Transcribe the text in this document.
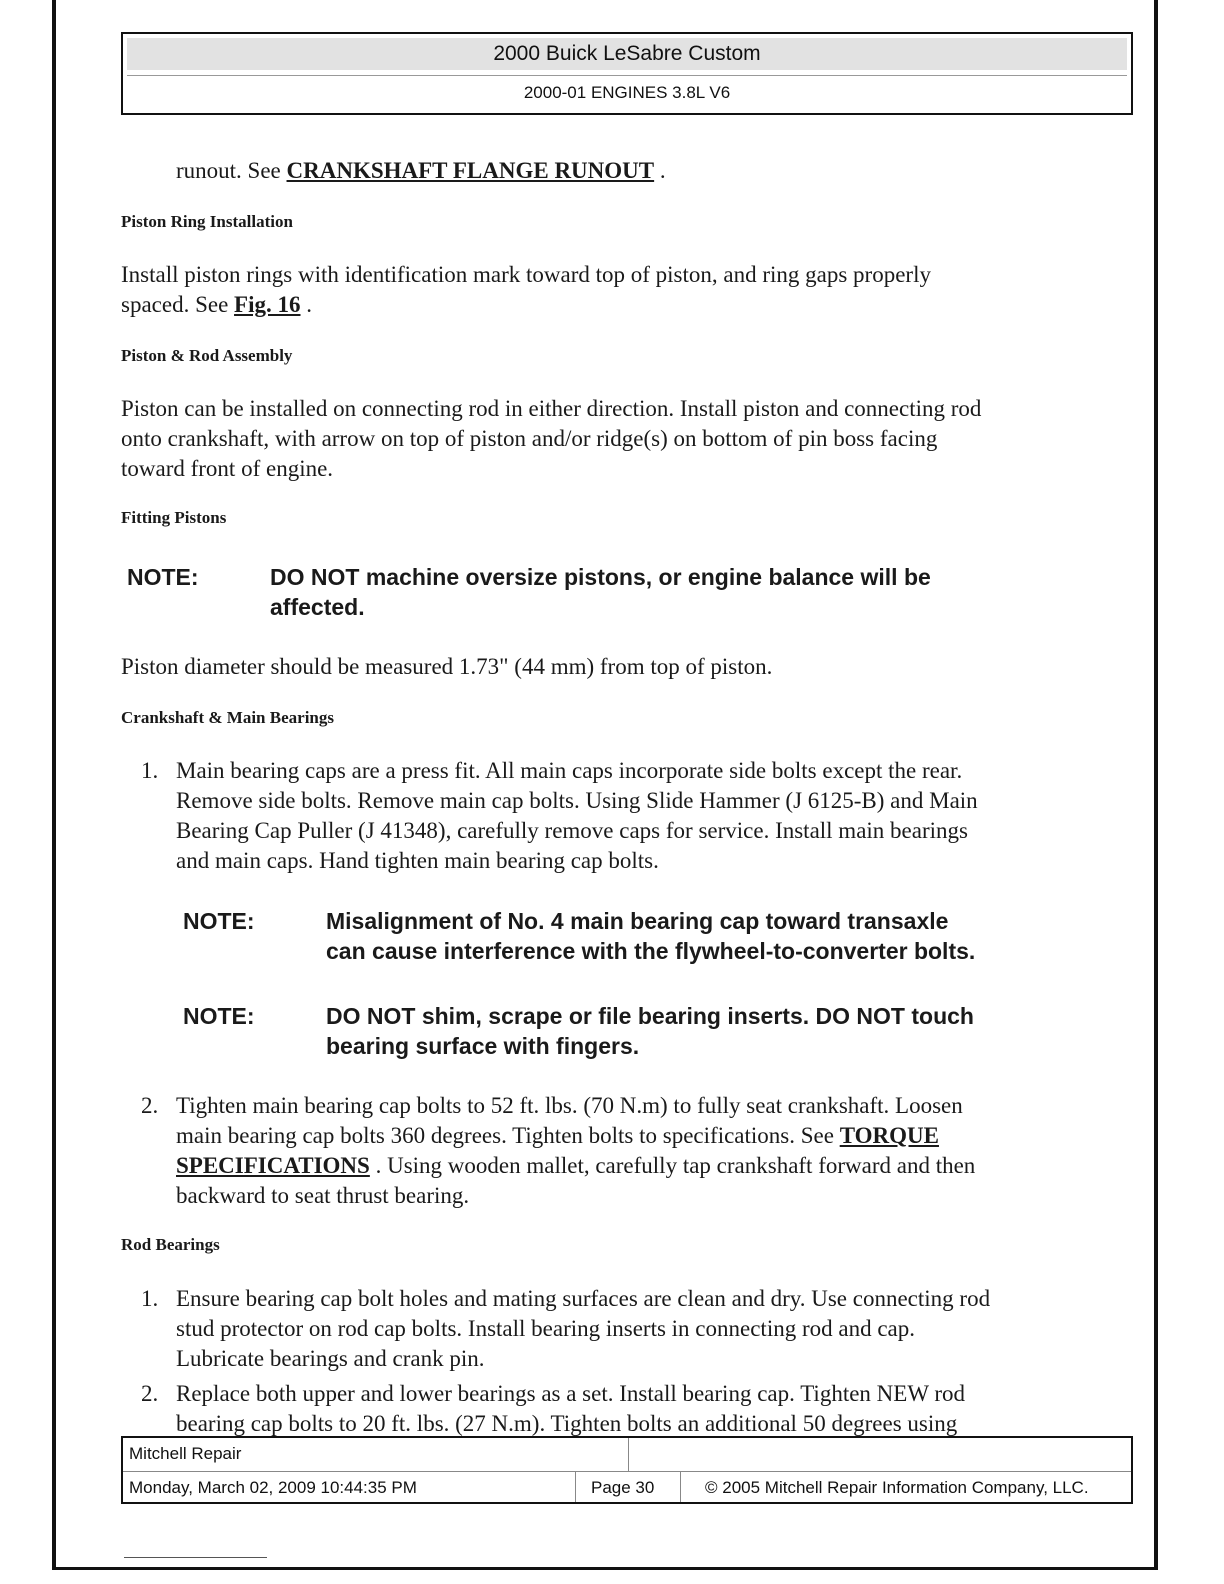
2000 Buick LeSabre Custom
2000-01 ENGINES 3.8L V6

runout. See CRANKSHAFT FLANGE RUNOUT .

Piston Ring Installation

Install piston rings with identification mark toward top of piston, and ring gaps properly
spaced. See Fig. 16 .

Piston & Rod Assembly

Piston can be installed on connecting rod in either direction. Install piston and connecting rod
onto crankshaft, with arrow on top of piston and/or ridge(s) on bottom of pin boss facing
toward front of engine.

Fitting Pistons

NOTE:	DO NOT machine oversize pistons, or engine balance will be
affected.

Piston diameter should be measured 1.73" (44 mm) from top of piston.

Crankshaft & Main Bearings

1. Main bearing caps are a press fit. All main caps incorporate side bolts except the rear.
Remove side bolts. Remove main cap bolts. Using Slide Hammer (J 6125-B) and Main
Bearing Cap Puller (J 41348), carefully remove caps for service. Install main bearings
and main caps. Hand tighten main bearing cap bolts.

NOTE:	Misalignment of No. 4 main bearing cap toward transaxle
can cause interference with the flywheel-to-converter bolts.
NOTE:	DO NOT shim, scrape or file bearing inserts. DO NOT touch
bearing surface with fingers.
2. Tighten main bearing cap bolts to 52 ft. lbs. (70 N.m) to fully seat crankshaft. Loosen
main bearing cap bolts 360 degrees. Tighten bolts to specifications. See TORQUE
SPECIFICATIONS . Using wooden mallet, carefully tap crankshaft forward and then
backward to seat thrust bearing.

Rod Bearings

1. Ensure bearing cap bolt holes and mating surfaces are clean and dry. Use connecting rod
stud protector on rod cap bolts. Install bearing inserts in connecting rod and cap.
Lubricate bearings and crank pin.

2. Replace both upper and lower bearings as a set. Install bearing cap. Tighten NEW rod
bearing cap bolts to 20 ft. lbs. (27 N.m). Tighten bolts an additional 50 degrees using

Mitchell Repair
Monday, March 02, 2009 10:44:35 PM	Page 30	© 2005 Mitchell Repair Information Company, LLC.
